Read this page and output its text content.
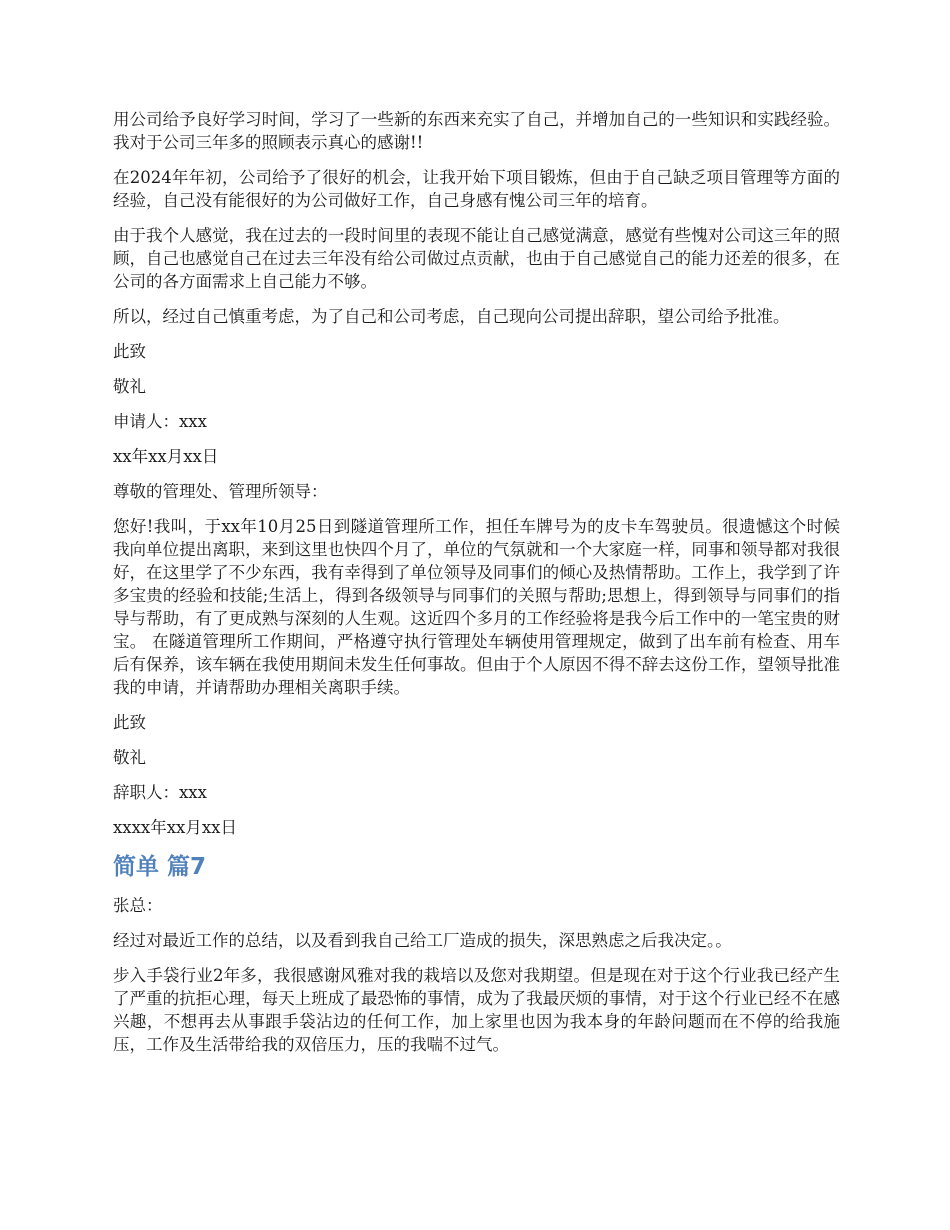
用公司给予良好学习时间，学习了一些新的东西来充实了自己，并增加自己的一些知识和实践经验。我对于公司三年多的照顾表示真心的感谢!!

在2024年年初，公司给予了很好的机会，让我开始下项目锻炼，但由于自己缺乏项目管理等方面的经验，自己没有能很好的为公司做好工作，自己身感有愧公司三年的培育。

由于我个人感觉，我在过去的一段时间里的表现不能让自己感觉满意，感觉有些愧对公司这三年的照顾，自己也感觉自己在过去三年没有给公司做过点贡献，也由于自己感觉自己的能力还差的很多，在公司的各方面需求上自己能力不够。

所以，经过自己慎重考虑，为了自己和公司考虑，自己现向公司提出辞职，望公司给予批准。

此致

敬礼

申请人：xxx

xx年xx月xx日

尊敬的管理处、管理所领导：

您好!我叫，于xx年10月25日到隧道管理所工作，担任车牌号为的皮卡车驾驶员。很遗憾这个时候我向单位提出离职，来到这里也快四个月了，单位的气氛就和一个大家庭一样，同事和领导都对我很好，在这里学了不少东西，我有幸得到了单位领导及同事们的倾心及热情帮助。工作上，我学到了许多宝贵的经验和技能;生活上，得到各级领导与同事们的关照与帮助;思想上，得到领导与同事们的指导与帮助，有了更成熟与深刻的人生观。这近四个多月的工作经验将是我今后工作中的一笔宝贵的财宝。 在隧道管理所工作期间，严格遵守执行管理处车辆使用管理规定，做到了出车前有检查、用车后有保养，该车辆在我使用期间未发生任何事故。但由于个人原因不得不辞去这份工作，望领导批准我的申请，并请帮助办理相关离职手续。

此致

敬礼

辞职人：xxx

xxxx年xx月xx日

简单 篇7

张总：

经过对最近工作的总结，以及看到我自己给工厂造成的损失，深思熟虑之后我决定。。

步入手袋行业2年多，我很感谢风雅对我的栽培以及您对我期望。但是现在对于这个行业我已经产生了严重的抗拒心理，每天上班成了最恐怖的事情，成为了我最厌烦的事情，对于这个行业已经不在感兴趣，不想再去从事跟手袋沾边的任何工作，加上家里也因为我本身的年龄问题而在不停的给我施压，工作及生活带给我的双倍压力，压的我喘不过气。
